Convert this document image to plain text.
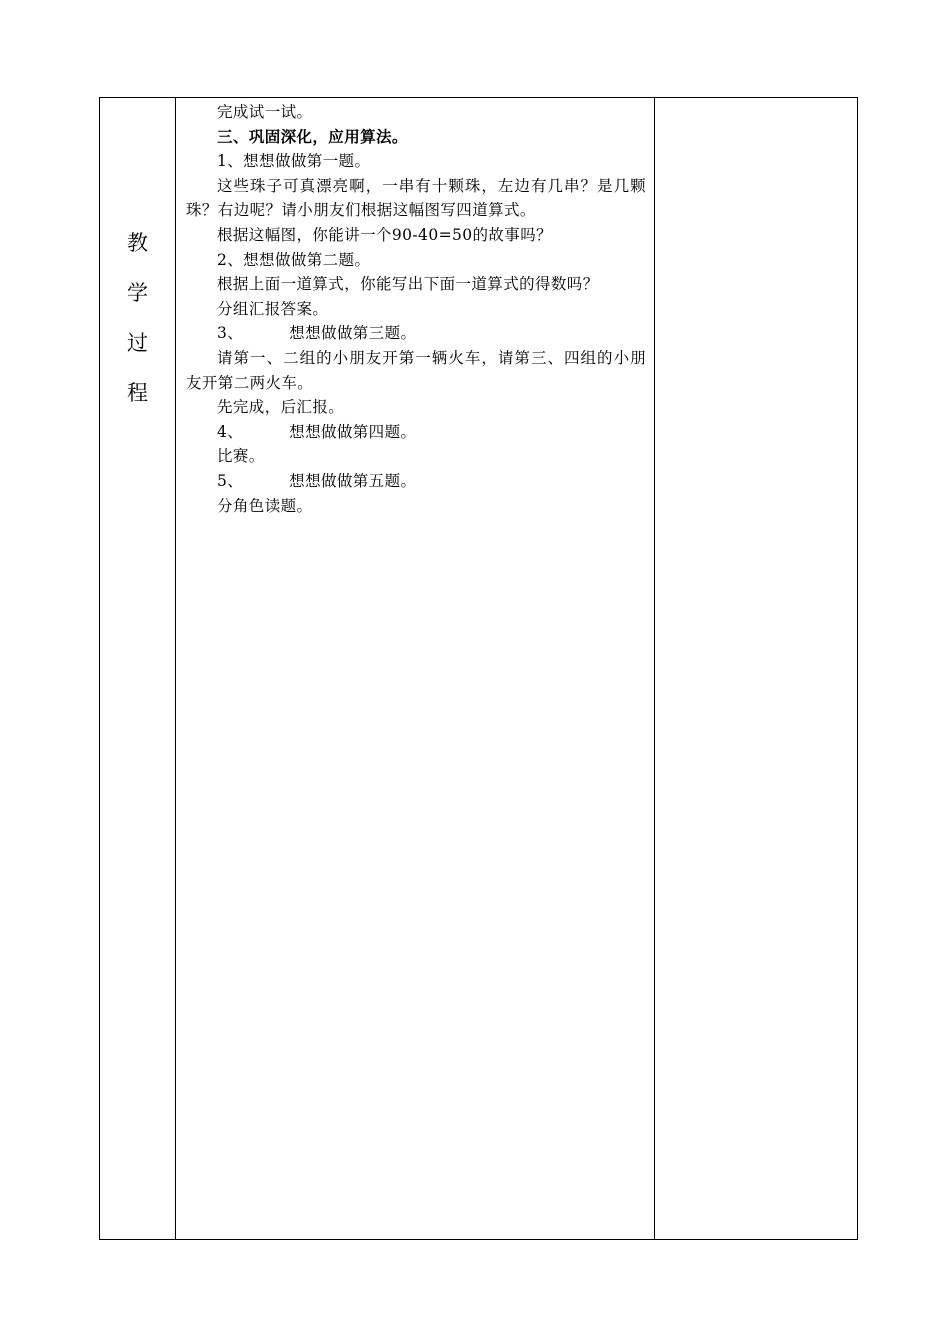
教
学
过
程

完成试一试。

三、巩固深化，应用算法。

1、想想做做第一题。

这些珠子可真漂亮啊，一串有十颗珠，左边有几串？是几颗珠？右边呢？请小朋友们根据这幅图写四道算式。

根据这幅图，你能讲一个90-40=50的故事吗？

2、想想做做第二题。

根据上面一道算式，你能写出下面一道算式的得数吗？

分组汇报答案。

3、	想想做做第三题。

请第一、二组的小朋友开第一辆火车，请第三、四组的小朋友开第二两火车。

先完成，后汇报。

4、	想想做做第四题。

比赛。

5、	想想做做第五题。

分角色读题。
